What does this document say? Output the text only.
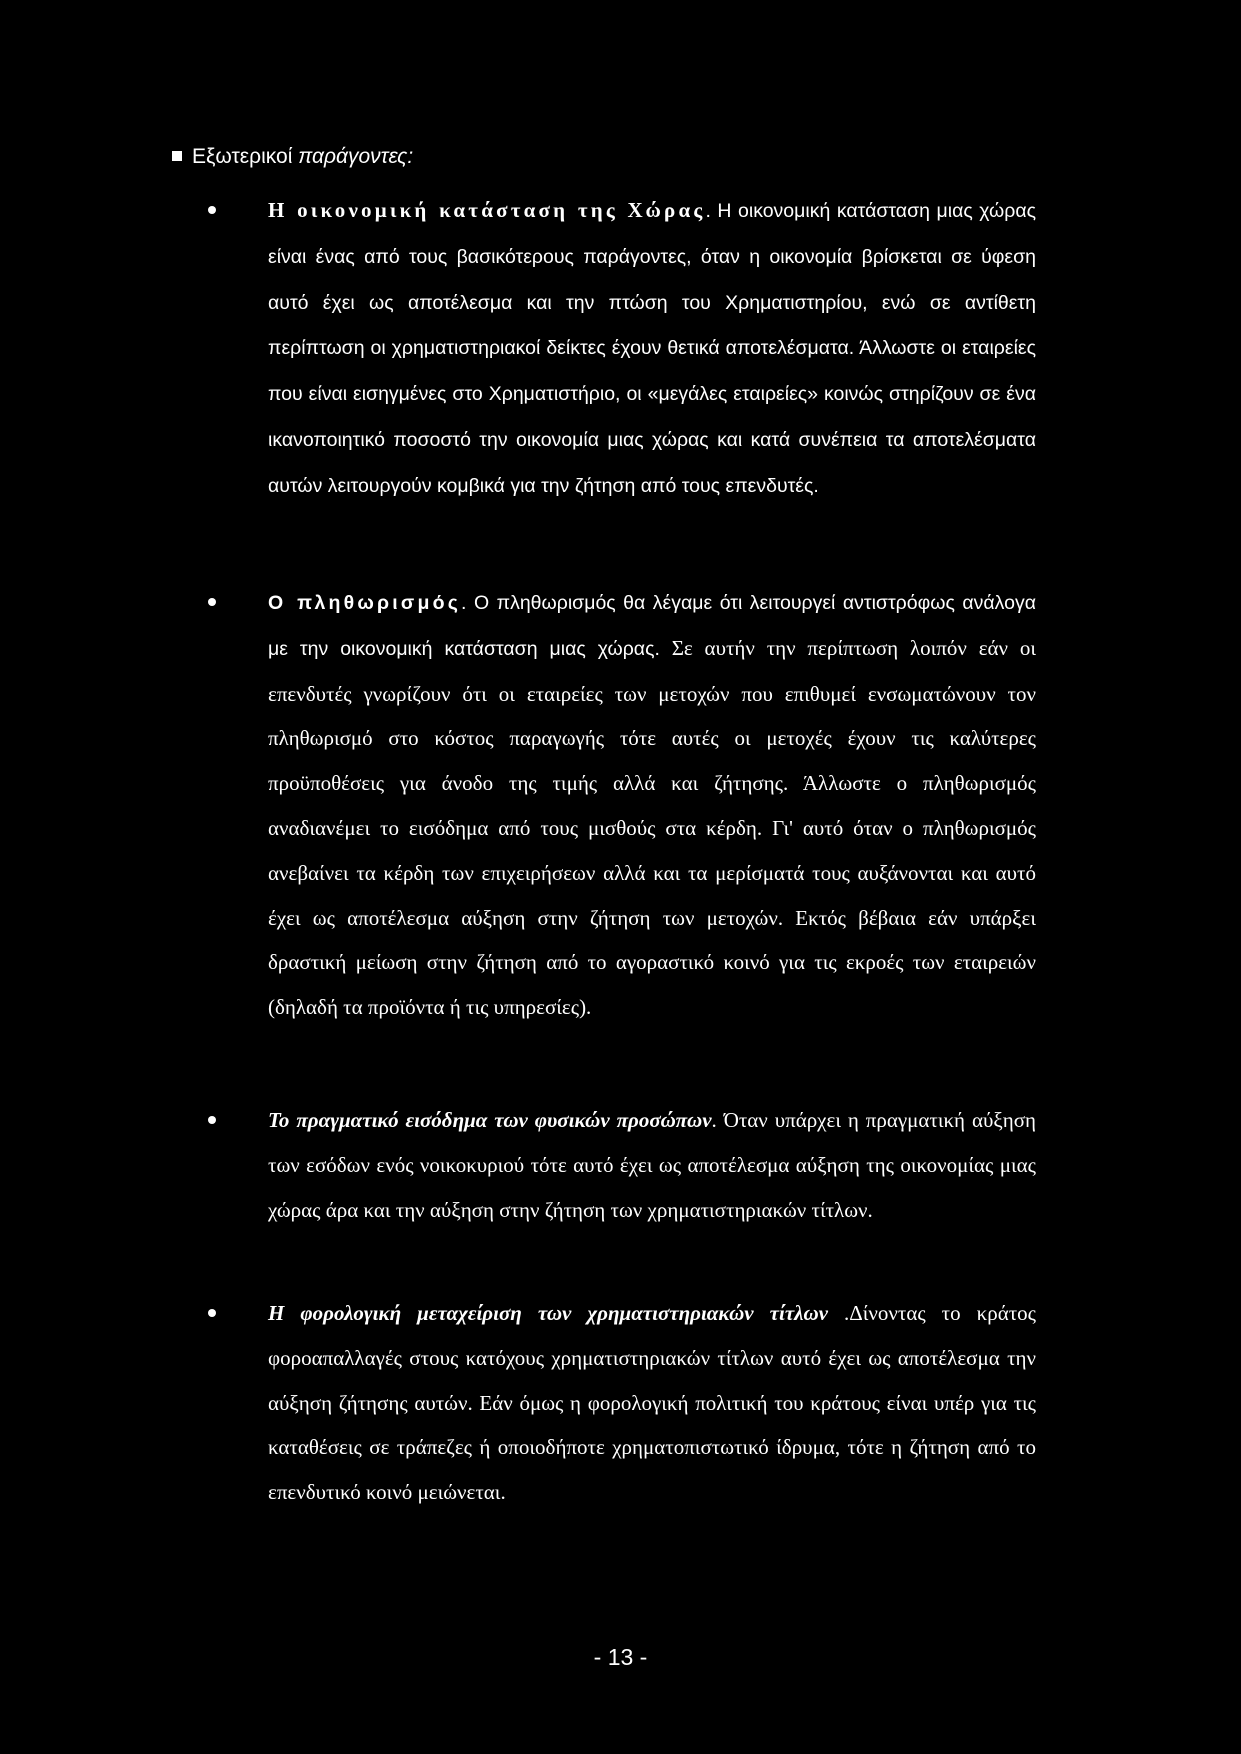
Εξωτερικοί παράγοντες:
Η οικονομική κατάσταση της Χώρας. Η οικονομική κατάσταση μιας χώρας είναι ένας από τους βασικότερους παράγοντες, όταν η οικονομία βρίσκεται σε ύφεση αυτό έχει ως αποτέλεσμα και την πτώση του Χρηματιστηρίου, ενώ σε αντίθετη περίπτωση οι χρηματιστηριακοί δείκτες έχουν θετικά αποτελέσματα. Άλλωστε οι εταιρείες που είναι εισηγμένες στο Χρηματιστήριο, οι «μεγάλες εταιρείες» κοινώς στηρίζουν σε ένα ικανοποιητικό ποσοστό την οικονομία μιας χώρας και κατά συνέπεια τα αποτελέσματα αυτών λειτουργούν κομβικά για την ζήτηση από τους επενδυτές.
Ο πληθωρισμός. Ο πληθωρισμός θα λέγαμε ότι λειτουργεί αντιστρόφως ανάλογα με την οικονομική κατάσταση μιας χώρας. Σε αυτήν την περίπτωση λοιπόν εάν οι επενδυτές γνωρίζουν ότι οι εταιρείες των μετοχών που επιθυμεί ενσωματώνουν τον πληθωρισμό στο κόστος παραγωγής τότε αυτές οι μετοχές έχουν τις καλύτερες προϋποθέσεις για άνοδο της τιμής αλλά και ζήτησης. Άλλωστε ο πληθωρισμός αναδιανέμει το εισόδημα από τους μισθούς στα κέρδη. Γι' αυτό όταν ο πληθωρισμός ανεβαίνει τα κέρδη των επιχειρήσεων αλλά και τα μερίσματά τους αυξάνονται και αυτό έχει ως αποτέλεσμα αύξηση στην ζήτηση των μετοχών. Εκτός βέβαια εάν υπάρξει δραστική μείωση στην ζήτηση από το αγοραστικό κοινό για τις εκροές των εταιρειών (δηλαδή τα προϊόντα ή τις υπηρεσίες).
Το πραγματικό εισόδημα των φυσικών προσώπων. Όταν υπάρχει η πραγματική αύξηση των εσόδων ενός νοικοκυριού τότε αυτό έχει ως αποτέλεσμα αύξηση της οικονομίας μιας χώρας άρα και την αύξηση στην ζήτηση των χρηματιστηριακών τίτλων.
Η φορολογική μεταχείριση των χρηματιστηριακών τίτλων .Δίνοντας το κράτος φοροαπαλλαγές στους κατόχους χρηματιστηριακών τίτλων αυτό έχει ως αποτέλεσμα την αύξηση ζήτησης αυτών. Εάν όμως η φορολογική πολιτική του κράτους είναι υπέρ για τις καταθέσεις σε τράπεζες ή οποιοδήποτε χρηματοπιστωτικό ίδρυμα, τότε η ζήτηση από το επενδυτικό κοινό μειώνεται.
- 13 -
